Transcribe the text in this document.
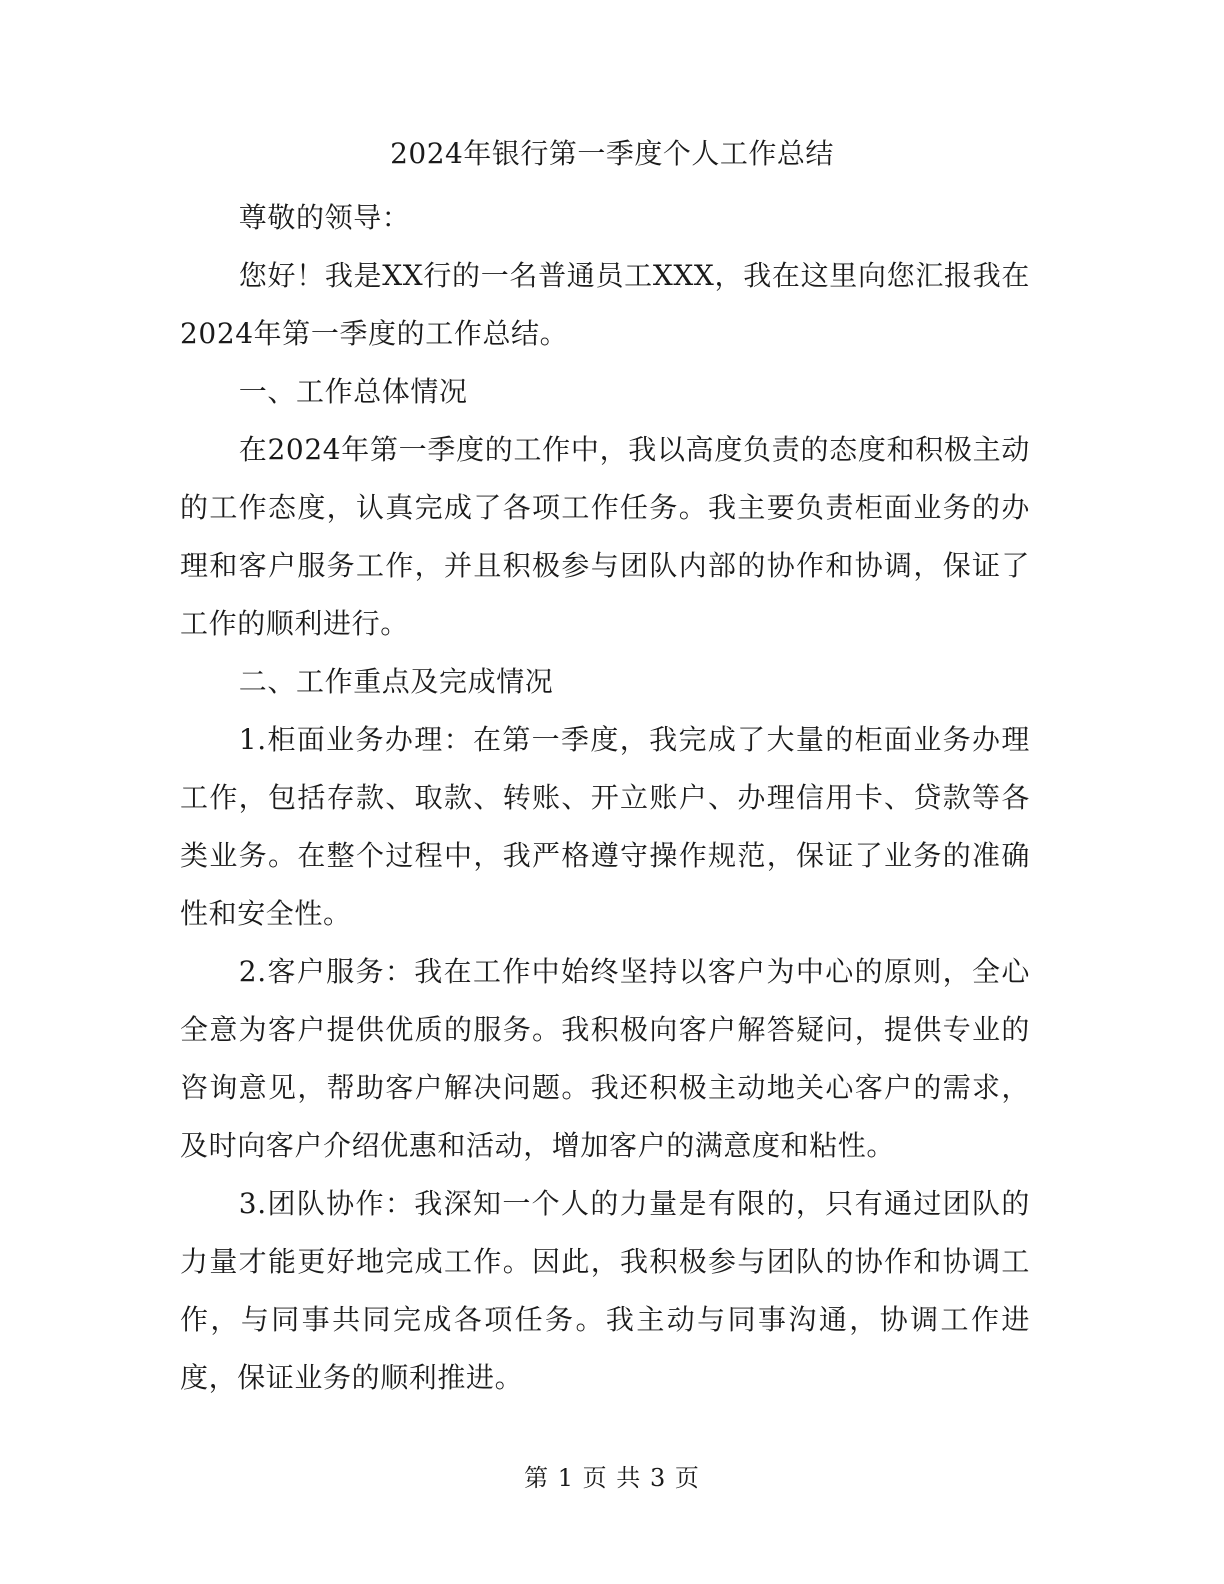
2024年银行第一季度个人工作总结

尊敬的领导：

您好！我是XX行的一名普通员工XXX，我在这里向您汇报我在2024年第一季度的工作总结。

一、工作总体情况

在2024年第一季度的工作中，我以高度负责的态度和积极主动的工作态度，认真完成了各项工作任务。我主要负责柜面业务的办理和客户服务工作，并且积极参与团队内部的协作和协调，保证了工作的顺利进行。

二、工作重点及完成情况

1.柜面业务办理：在第一季度，我完成了大量的柜面业务办理工作，包括存款、取款、转账、开立账户、办理信用卡、贷款等各类业务。在整个过程中，我严格遵守操作规范，保证了业务的准确性和安全性。

2.客户服务：我在工作中始终坚持以客户为中心的原则，全心全意为客户提供优质的服务。我积极向客户解答疑问，提供专业的咨询意见，帮助客户解决问题。我还积极主动地关心客户的需求，及时向客户介绍优惠和活动，增加客户的满意度和粘性。

3.团队协作：我深知一个人的力量是有限的，只有通过团队的力量才能更好地完成工作。因此，我积极参与团队的协作和协调工作，与同事共同完成各项任务。我主动与同事沟通，协调工作进度，保证业务的顺利推进。

第 1 页 共 3 页
